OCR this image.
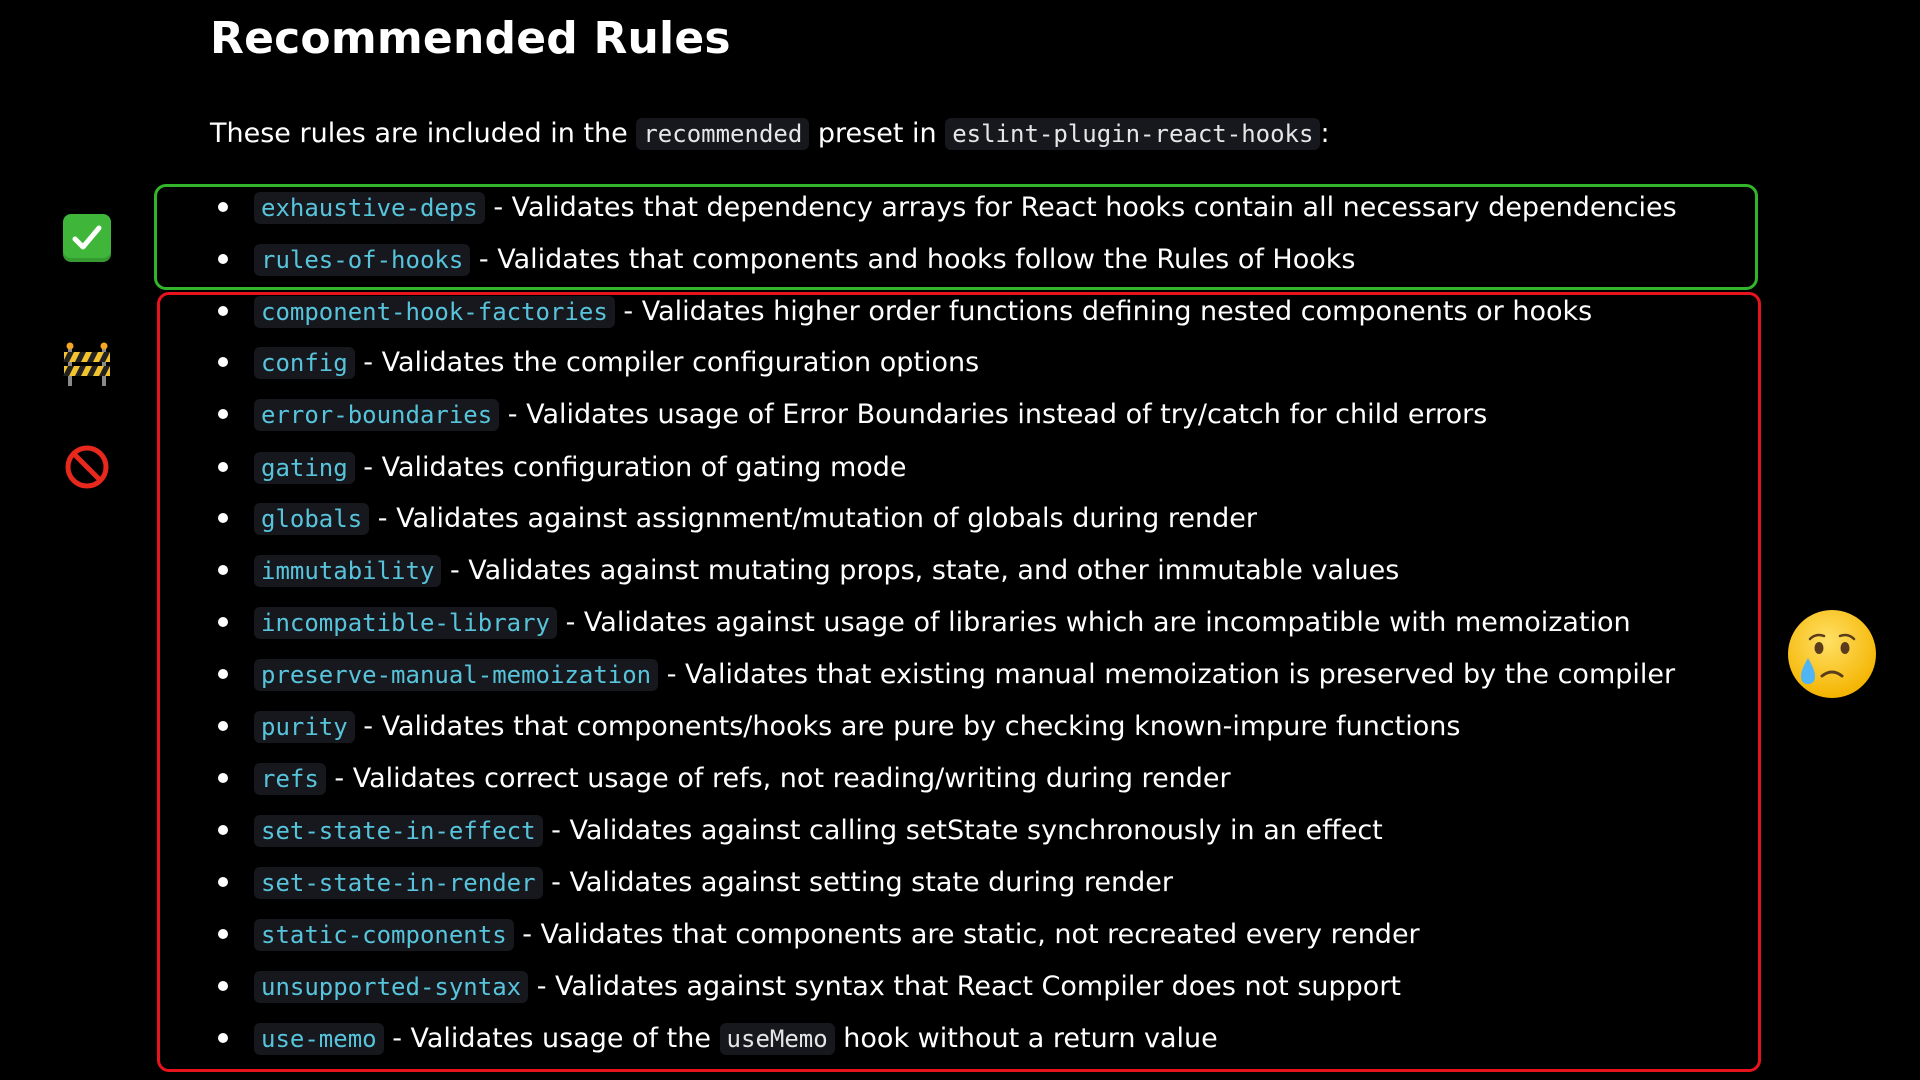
Recommended Rules
These rules are included in the recommended preset in eslint-plugin-react-hooks :
exhaustive-deps - Validates that dependency arrays for React hooks contain all necessary dependencies
rules-of-hooks - Validates that components and hooks follow the Rules of Hooks
component-hook-factories - Validates higher order functions defining nested components or hooks
config - Validates the compiler configuration options
error-boundaries - Validates usage of Error Boundaries instead of try/catch for child errors
gating - Validates configuration of gating mode
globals - Validates against assignment/mutation of globals during render
immutability - Validates against mutating props, state, and other immutable values
incompatible-library - Validates against usage of libraries which are incompatible with memoization
preserve-manual-memoization - Validates that existing manual memoization is preserved by the compiler
purity - Validates that components/hooks are pure by checking known-impure functions
refs - Validates correct usage of refs, not reading/writing during render
set-state-in-effect - Validates against calling setState synchronously in an effect
set-state-in-render - Validates against setting state during render
static-components - Validates that components are static, not recreated every render
unsupported-syntax - Validates against syntax that React Compiler does not support
use-memo - Validates usage of the useMemo hook without a return value
